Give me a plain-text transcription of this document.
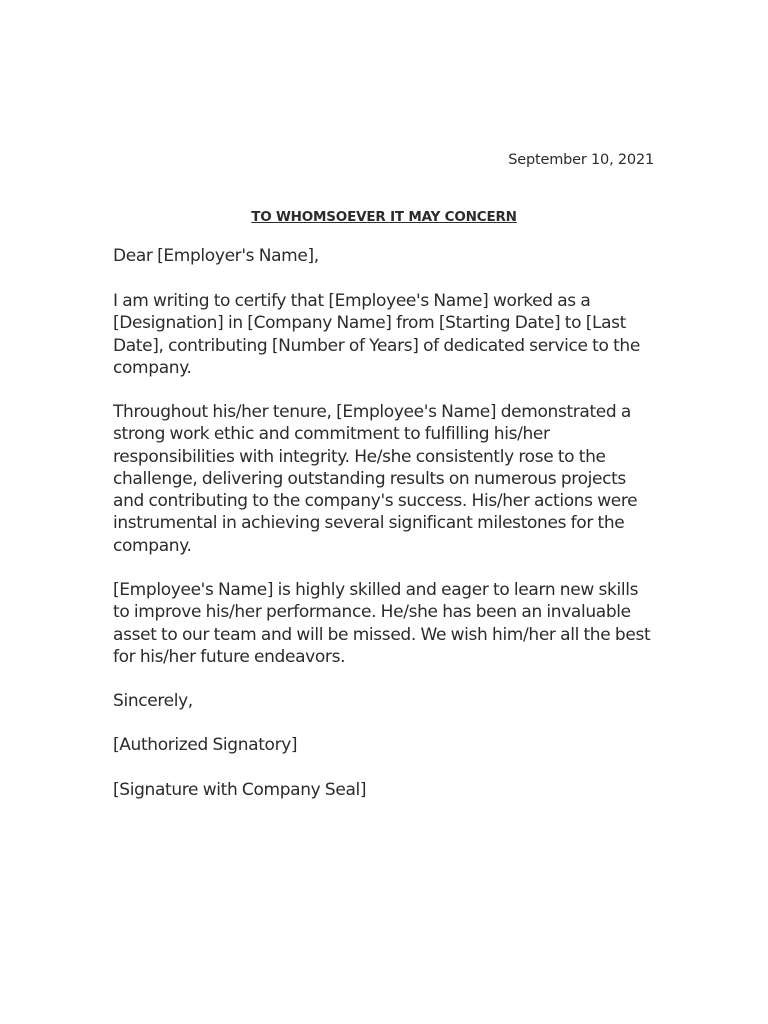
September 10, 2021
TO WHOMSOEVER IT MAY CONCERN
Dear [Employer's Name],

I am writing to certify that [Employee's Name] worked as a [Designation] in [Company Name] from [Starting Date] to [Last Date], contributing [Number of Years] of dedicated service to the company.

Throughout his/her tenure, [Employee's Name] demonstrated a strong work ethic and commitment to fulfilling his/her responsibilities with integrity. He/she consistently rose to the challenge, delivering outstanding results on numerous projects and contributing to the company's success. His/her actions were instrumental in achieving several significant milestones for the company.

[Employee's Name] is highly skilled and eager to learn new skills to improve his/her performance. He/she has been an invaluable asset to our team and will be missed. We wish him/her all the best for his/her future endeavors.

Sincerely,
[Authorized Signatory]
[Signature with Company Seal]
